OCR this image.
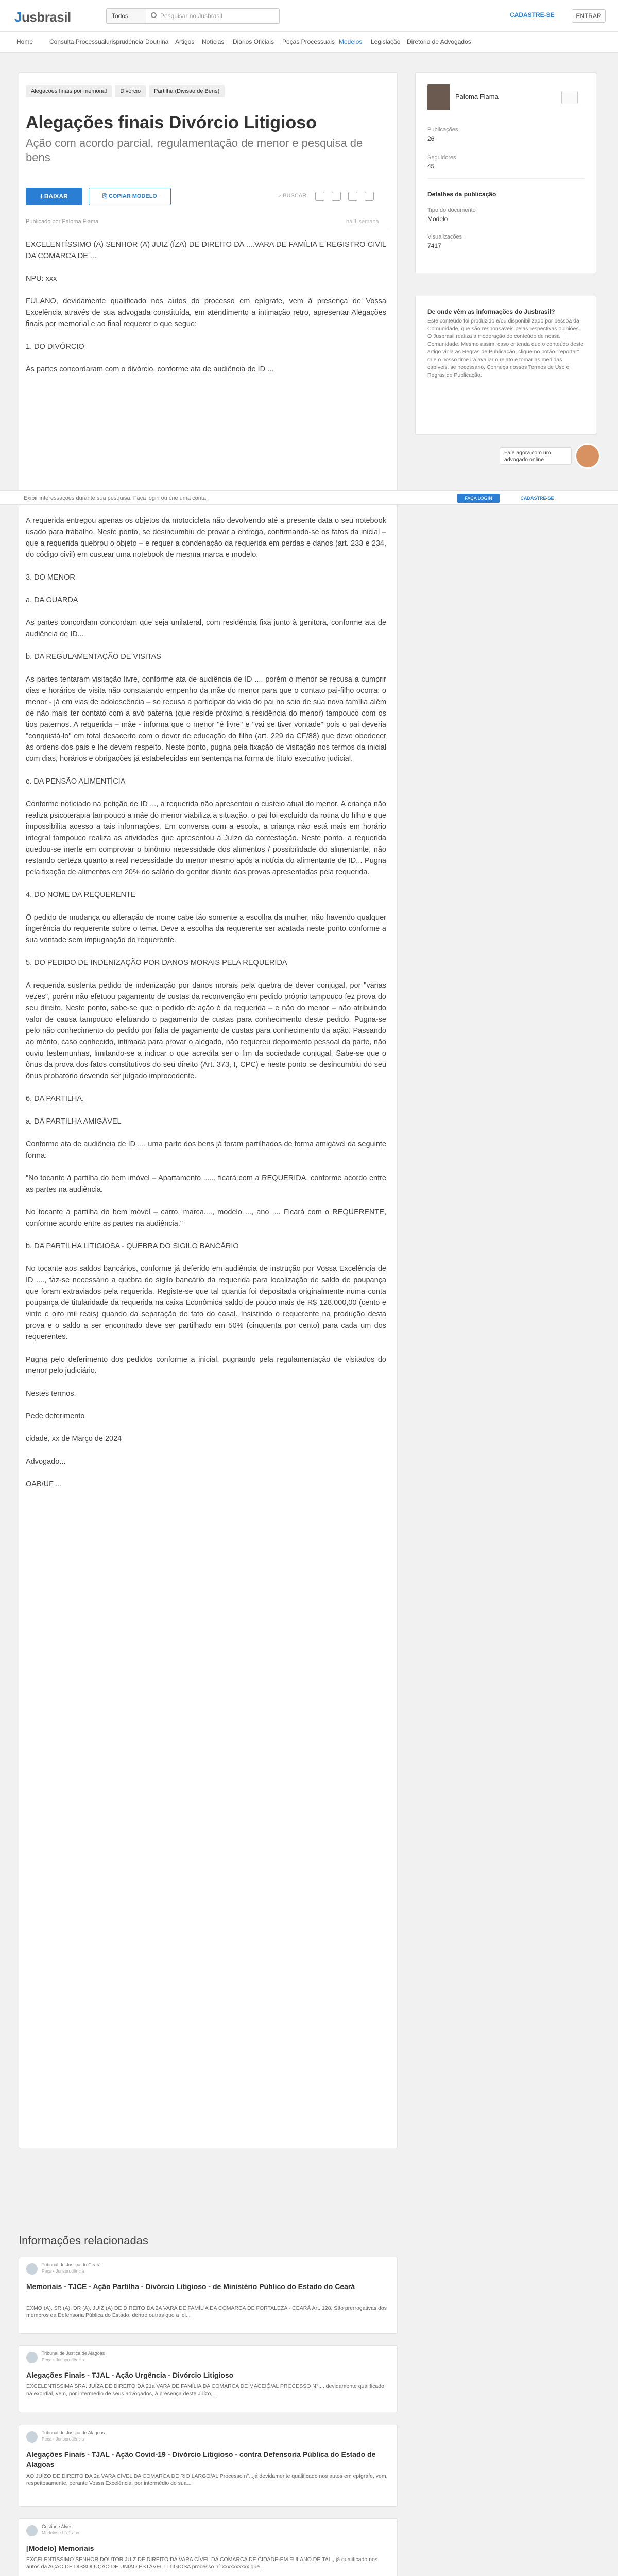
Jusbrasil	Todos	Pesquisar no Jusbrasil	CADASTRE-SE	ENTRAR
Home	Consulta Processual
Jurisprudência Doutrina Artigos Notícias Diários Oficiais Peças Processuais Modelos Legislação Diretório de Advogados
Alegações finais por memorial Divórcio Partilha (Divisão de Bens)
Alegações finais Divórcio Litigioso
Ação com acordo parcial, regulamentação de menor e pesquisa de bens
⭳ BAIXAR	⎘ COPIAR MODELO	⌕ BUSCAR
Publicado por Paloma Fiama	há 1 semana

EXCELENTÍSSIMO (A) SENHOR (A) JUIZ (ÍZA) DE DIREITO DA ....VARA DE FAMÍLIA E REGISTRO CIVIL DA COMARCA DE ...

NPU: xxx

FULANO, devidamente qualificado nos autos do processo em epígrafe, vem à presença de Vossa Excelência através de sua advogada constituída, em atendimento a intimação retro, apresentar Alegações finais por memorial e ao final requerer o que segue:

1. DO DIVÓRCIO

As partes concordaram com o divórcio, conforme ata de audiência de ID ...

Paloma Fiama
Publicações
26
Seguidores
45
Detalhes da publicação
Tipo do documento
Modelo
Visualizações
7417
De onde vêm as informações do Jusbrasil?
Este conteúdo foi produzido e/ou disponibilizado por pessoa da Comunidade, que são responsáveis pelas respectivas opiniões. O Jusbrasil realiza a moderação do conteúdo de nossa Comunidade. Mesmo assim, caso entenda que o conteúdo deste artigo viola as Regras de Publicação, clique no botão "reportar" que o nosso time irá avaliar o relato e tomar as medidas cabíveis, se necessário. Conheça nossos Termos de Uso e Regras de Publicação.
Fale agora com um advogado online
Exibir interessações durante sua pesquisa. Faça login ou crie uma conta.	FAÇA LOGIN	CADASTRE-SE

A requerida entregou apenas os objetos da motocicleta não devolvendo até a presente data o seu notebook usado para trabalho. Neste ponto, se desincumbiu de provar a entrega, confirmando-se os fatos da inicial – que a requerida quebrou o objeto – e requer a condenação da requerida em perdas e danos (art. 233 e 234, do código civil) em custear uma notebook de mesma marca e modelo.

3. DO MENOR

a. DA GUARDA

As partes concordam concordam que seja unilateral, com residência fixa junto à genitora, conforme ata de audiência de ID...

b. DA REGULAMENTAÇÃO DE VISITAS

As partes tentaram visitação livre, conforme ata de audiência de ID .... porém o menor se recusa a cumprir dias e horários de visita não constatando empenho da mãe do menor para que o contato pai-filho ocorra: o menor - já em vias de adolescência – se recusa a participar da vida do pai no seio de sua nova família além de não mais ter contato com a avó paterna (que reside próximo a residência do menor) tampouco com os tios paternos. A requerida – mãe - informa que o menor "é livre" e "vai se tiver vontade" pois o pai deveria "conquistá-lo" em total desacerto com o dever de educação do filho (art. 229 da CF/88) que deve obedecer às ordens dos pais e lhe devem respeito. Neste ponto, pugna pela fixação de visitação nos termos da inicial com dias, horários e obrigações já estabelecidas em sentença na forma de título executivo judicial.

c. DA PENSÃO ALIMENTÍCIA

Conforme noticiado na petição de ID ..., a requerida não apresentou o custeio atual do menor. A criança não realiza psicoterapia tampouco a mãe do menor viabiliza a situação, o pai foi excluído da rotina do filho e que impossibilita acesso a tais informações. Em conversa com a escola, a criança não está mais em horário integral tampouco realiza as atividades que apresentou à Juízo da contestação. Neste ponto, a requerida quedou-se inerte em comprovar o binômio necessidade dos alimentos / possibilidade do alimentante, não restando certeza quanto a real necessidade do menor mesmo após a notícia do alimentante de ID... Pugna pela fixação de alimentos em 20% do salário do genitor diante das provas apresentadas pela requerida.

4. DO NOME DA REQUERENTE

O pedido de mudança ou alteração de nome cabe tão somente a escolha da mulher, não havendo qualquer ingerência do requerente sobre o tema. Deve a escolha da requerente ser acatada neste ponto conforme a sua vontade sem impugnação do requerente.

5. DO PEDIDO DE INDENIZAÇÃO POR DANOS MORAIS PELA REQUERIDA

A requerida sustenta pedido de indenização por danos morais pela quebra de dever conjugal, por "várias vezes", porém não efetuou pagamento de custas da reconvenção em pedido próprio tampouco fez prova do seu direito. Neste ponto, sabe-se que o pedido de ação é da requerida – e não do menor – não atribuindo valor de causa tampouco efetuando o pagamento de custas para conhecimento deste pedido. Pugna-se pelo não conhecimento do pedido por falta de pagamento de custas para conhecimento da ação. Passando ao mérito, caso conhecido, intimada para provar o alegado, não requereu depoimento pessoal da parte, não ouviu testemunhas, limitando-se a indicar o que acredita ser o fim da sociedade conjugal. Sabe-se que o ônus da prova dos fatos constitutivos do seu direito (Art. 373, I, CPC) e neste ponto se desincumbiu do seu ônus probatório devendo ser julgado improcedente.

6. DA PARTILHA.

a. DA PARTILHA AMIGÁVEL

Conforme ata de audiência de ID ..., uma parte dos bens já foram partilhados de forma amigável da seguinte forma:

"No tocante à partilha do bem imóvel – Apartamento ....., ficará com a REQUERIDA, conforme acordo entre as partes na audiência.

No tocante à partilha do bem móvel – carro, marca...., modelo ..., ano .... Ficará com o REQUERENTE, conforme acordo entre as partes na audiência."

b. DA PARTILHA LITIGIOSA - QUEBRA DO SIGILO BANCÁRIO

No tocante aos saldos bancários, conforme já deferido em audiência de instrução por Vossa Excelência de ID ...., faz-se necessário a quebra do sigilo bancário da requerida para localização de saldo de poupança que foram extraviados pela requerida. Registe-se que tal quantia foi depositada originalmente numa conta poupança de titularidade da requerida na caixa Econômica saldo de pouco mais de R$ 128.000,00 (cento e vinte e oito mil reais) quando da separação de fato do casal. Insistindo o requerente na produção desta prova e o saldo a ser encontrado deve ser partilhado em 50% (cinquenta por cento) para cada um dos requerentes.

Pugna pelo deferimento dos pedidos conforme a inicial, pugnando pela regulamentação de visitados do menor pelo judiciário.

Nestes termos,

Pede deferimento

cidade, xx de Março de 2024

Advogado...

OAB/UF ...

Informações relacionadas
Tribunal de Justiça do Ceará
Peça • Jurisprudência
Memoriais - TJCE - Ação Partilha - Divórcio Litigioso - de Ministério Público do Estado do Ceará
EXMO (A), SR (A), DR (A), JUIZ (A) DE DIREITO DA 2A VARA DE FAMÍLIA DA COMARCA DE FORTALEZA - CEARÁ Art. 128. São prerrogativas dos membros da Defensoria Pública do Estado, dentre outras que a lei...
Tribunal de Justiça de Alagoas
Peça • Jurisprudência
Alegações Finais - TJAL - Ação Urgência - Divórcio Litigioso
EXCELENTÍSSIMA SRA. JUÍZA DE DIREITO DA 21a VARA DE FAMÍLIA DA COMARCA DE MACEIÓ/AL PROCESSO N°..., devidamente qualificado na exordial, vem, por intermédio de seus advogados, à presença deste Juízo,...
Tribunal de Justiça de Alagoas
Peça • Jurisprudência
Alegações Finais - TJAL - Ação Covid-19 - Divórcio Litigioso - contra Defensoria Pública do Estado de Alagoas
AO JUÍZO DE DIREITO DA 2a VARA CÍVEL DA COMARCA DE RIO LARGO/AL Processo n°...já devidamente qualificado nos autos em epígrafe, vem, respeitosamente, perante Vossa Excelência, por intermédio de sua...
Cristiane Alves
Modelos • há 1 ano
[Modelo] Memoriais
EXCELENTÍSSIMO SENHOR DOUTOR JUIZ DE DIREITO DA VARA CÍVEL DA COMARCA DE CIDADE-EM FULANO DE TAL , já qualificado nos autos da AÇÃO DE DISSOLUÇÃO DE UNIÃO ESTÁVEL LITIGIOSA processo n° xxxxxxxxxx que...
